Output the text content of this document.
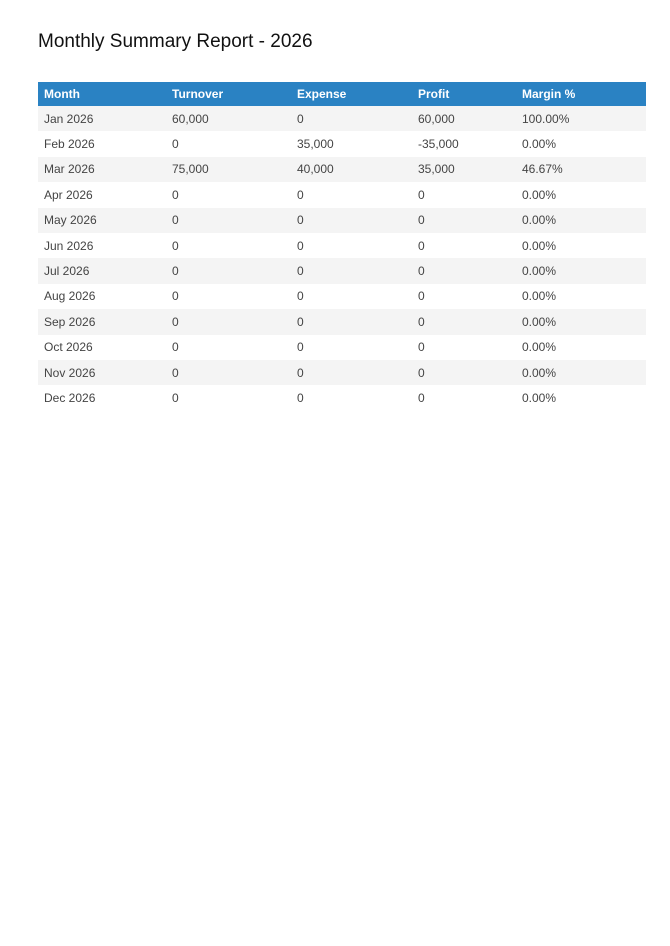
Monthly Summary Report - 2026
Month	Turnover	Expense	Profit	Margin %
Jan 2026	60,000	0	60,000	100.00%
Feb 2026	0	35,000	-35,000	0.00%
Mar 2026	75,000	40,000	35,000	46.67%
Apr 2026	0	0	0	0.00%
May 2026	0	0	0	0.00%
Jun 2026	0	0	0	0.00%
Jul 2026	0	0	0	0.00%
Aug 2026	0	0	0	0.00%
Sep 2026	0	0	0	0.00%
Oct 2026	0	0	0	0.00%
Nov 2026	0	0	0	0.00%
Dec 2026	0	0	0	0.00%
